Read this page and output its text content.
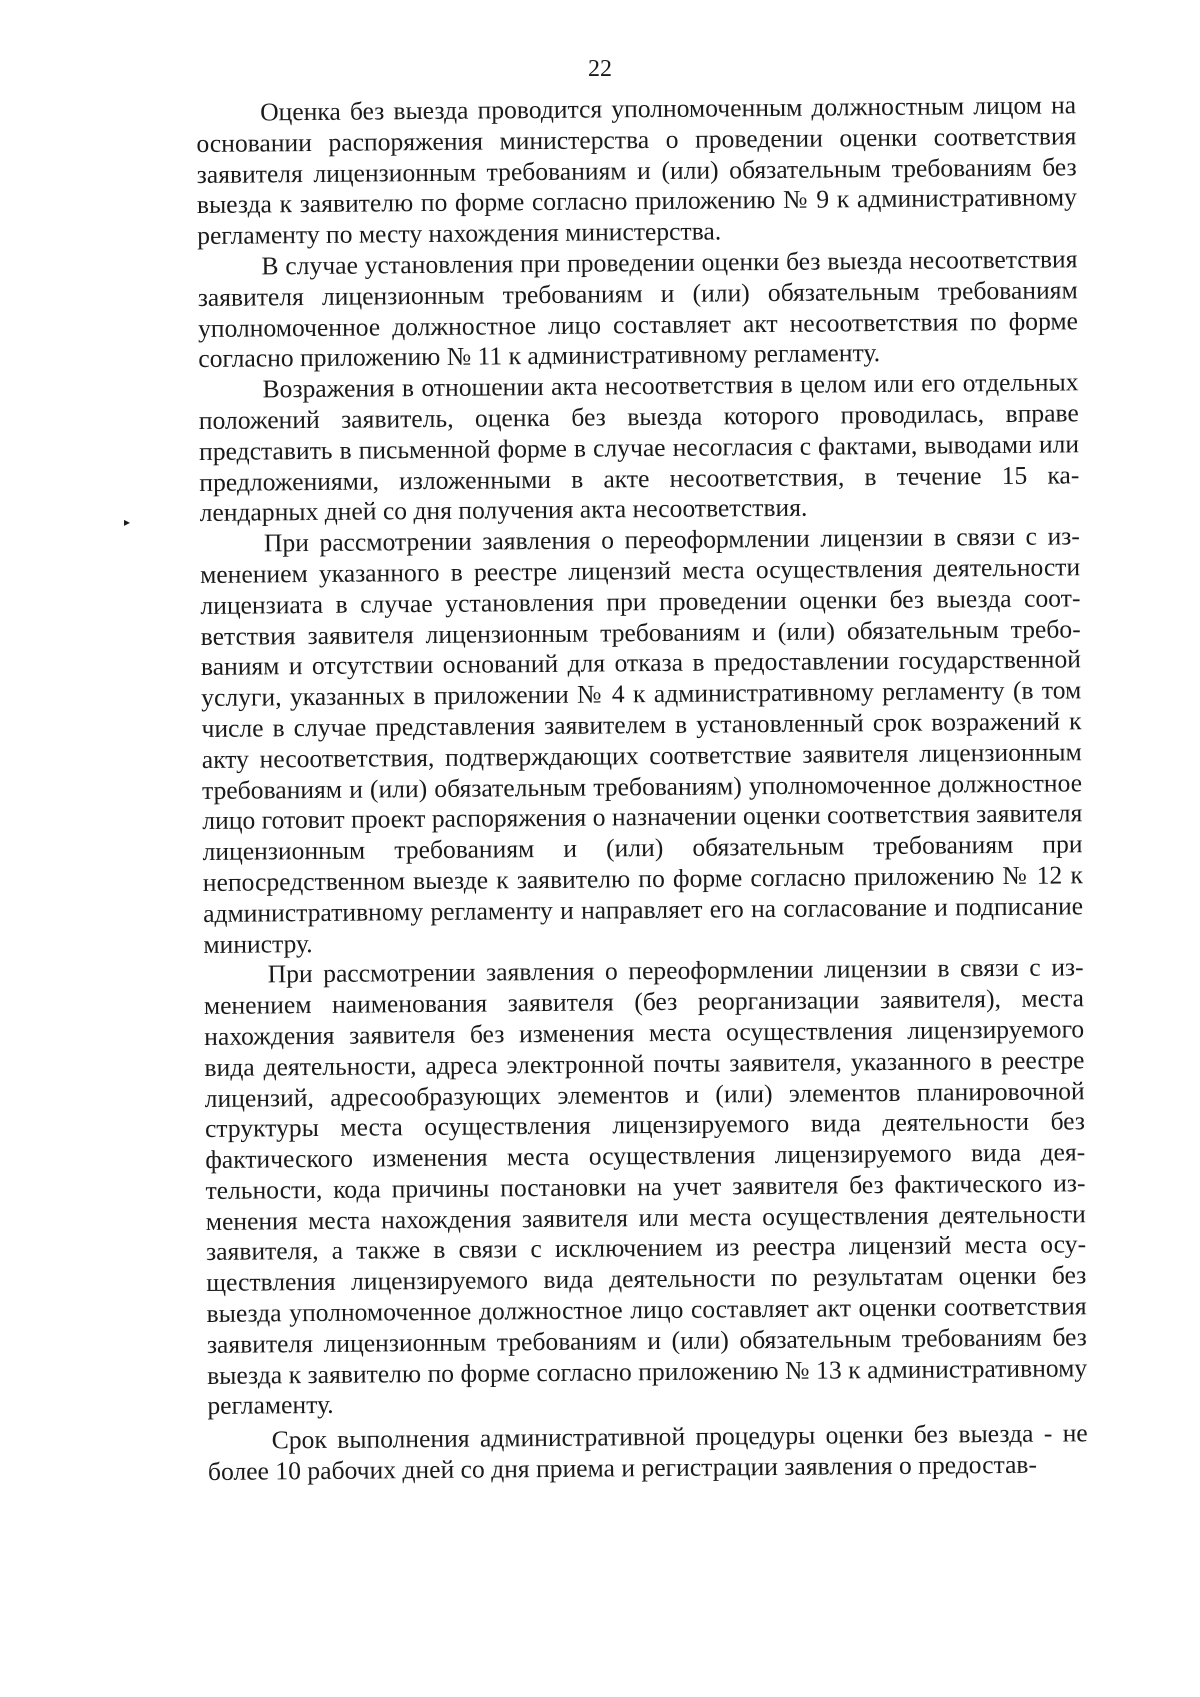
22
▸

Оценка без выезда проводится уполномоченным должностным лицом на основании распоряжения министерства о проведении оценки соответствия заявителя лицензионным требованиям и (или) обязательным требованиям без выезда к заявителю по форме согласно приложению № 9 к административному регламенту по месту нахождения министерства.

В случае установления при проведении оценки без выезда несоответствия заявителя лицензионным требованиям и (или) обязательным требованиям уполномоченное должностное лицо составляет акт несоответствия по форме согласно приложению № 11 к административному регламенту.

Возражения в отношении акта несоответствия в целом или его отдельных положений заявитель, оценка без выезда которого проводилась, вправе представить в письменной форме в случае несогласия с фактами, выводами или предложениями, изложенными в акте несоответствия, в течение 15 календарных дней со дня получения акта несоответствия.

При рассмотрении заявления о переоформлении лицензии в связи с изменением указанного в реестре лицензий места осуществления деятельности лицензиата в случае установления при проведении оценки без выезда соответствия заявителя лицензионным требованиям и (или) обязательным требованиям и отсутствии оснований для отказа в предоставлении государственной услуги, указанных в приложении № 4 к административному регламенту (в том числе в случае представления заявителем в установленный срок возражений к акту несоответствия, подтверждающих соответствие заявителя лицензионным требованиям и (или) обязательным требованиям) уполномоченное должностное лицо готовит проект распоряжения о назначении оценки соответствия заявителя лицензионным требованиям и (или) обязательным требованиям при непосредственном выезде к заявителю по форме согласно приложению № 12 к административному регламенту и направляет его на согласование и подписание министру.

При рассмотрении заявления о переоформлении лицензии в связи с изменением наименования заявителя (без реорганизации заявителя), места нахождения заявителя без изменения места осуществления лицензируемого вида деятельности, адреса электронной почты заявителя, указанного в реестре лицензий, адресообразующих элементов и (или) элементов планировочной структуры места осуществления лицензируемого вида деятельности без фактического изменения места осуществления лицензируемого вида деятельности, кода причины постановки на учет заявителя без фактического изменения места нахождения заявителя или места осуществления деятельности заявителя, а также в связи с исключением из реестра лицензий места осуществления лицензируемого вида деятельности по результатам оценки без выезда уполномоченное должностное лицо составляет акт оценки соответствия заявителя лицензионным требованиям и (или) обязательным требованиям без выезда к заявителю по форме согласно приложению № 13 к административному регламенту.

Срок выполнения административной процедуры оценки без выезда - не более 10 рабочих дней со дня приема и регистрации заявления о предостав-
